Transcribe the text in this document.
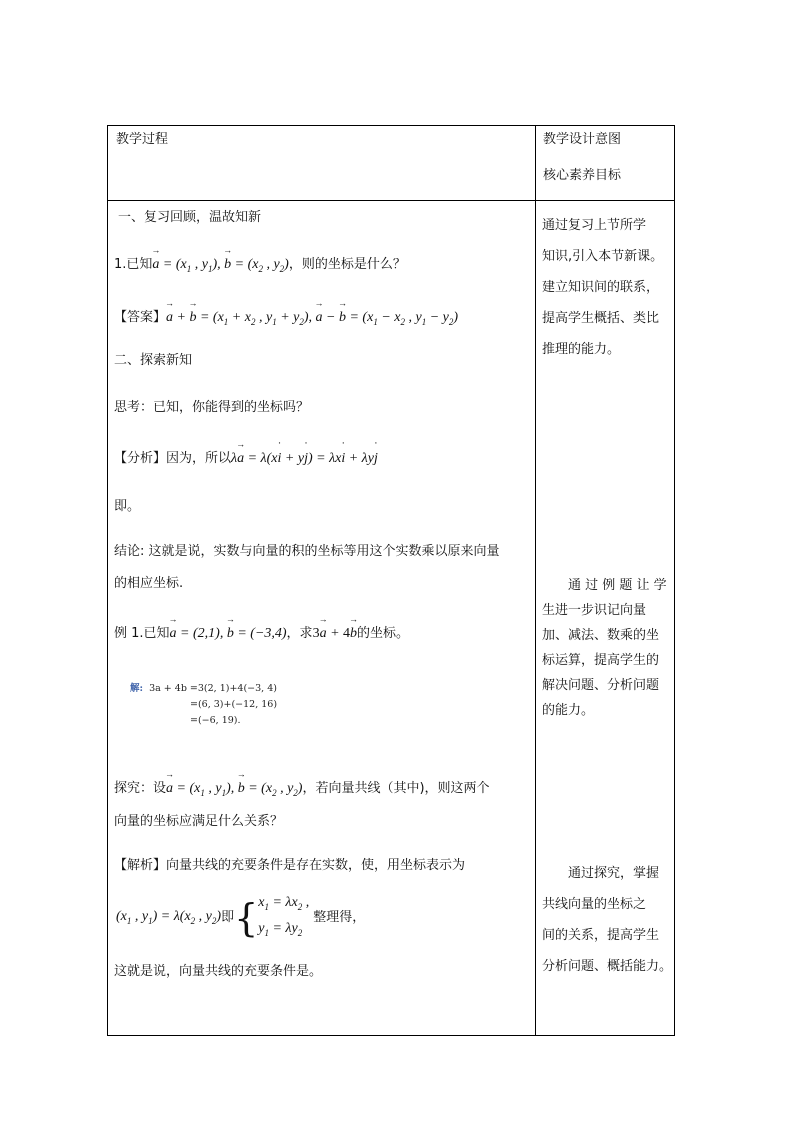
教学过程	教学设计意图
核心素养目标
一、复习回顾，温故知新
1.已知→ $a = (x_1$ , $y_1$), → $b = (x_2$ , $y_2$)，则的坐标是什么？
【答案】→ a + → $b = (x_1 + x_2$ , $y_1 + y_2$), → a − → $b = (x_1 - x_2$ , $y_1 - y_2$)
二、探索新知
思考：已知，你能得到的坐标吗？
【分析】因为，所以λ→ a = λ(x˙ i + y˙ j) = λx˙ i + λy˙ j
即。
结论: 这就是说，实数与向量的积的坐标等用这个实数乘以原来向量
的相应坐标.
例 1.已知→ a = (2,1), → b = (−3,4)，求3→ a + 4→ b的坐标。
解: 3a + 4b =3(2, 1)+4(−3, 4)
=(6, 3)+(−12, 16)
=(−6, 19).
探究：设→ $a = (x_1$ , $y_1$), → $b = (x_2$ , $y_2$)，若向量共线（其中)，则这两个
向量的坐标应满足什么关系？
【解析】向量共线的充要条件是存在实数，使，用坐标表示为
($x_1$ , $y_1) = \lambda(x_2$ , $y_2$)即{$x_1 = \lambda x_2$ ,
$y_1 = \lambda y_2$整理得，
这就是说，向量共线的充要条件是。
通过复习上节所学
知识,引入本节新课。
建立知识间的联系，
提高学生概括、类比
推理的能力。
通 过 例 题 让 学
生进一步识记向量
加、减法、数乘的坐
标运算，提高学生的
解决问题、分析问题
的能力。
通过探究，掌握
共线向量的坐标之
间的关系，提高学生
分析问题、概括能力。
